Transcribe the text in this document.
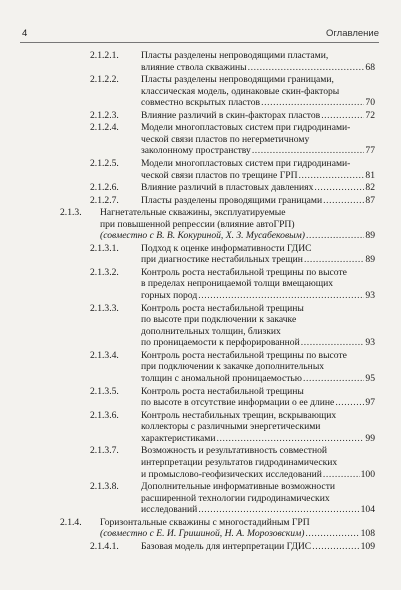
4	Оглавление
2.1.2.1. Пласты разделены непроводящими пластами,
влияние ствола скважины .....	68
2.1.2.2. Пласты разделены непроводящими границами,
классическая модель, одинаковые скин-факторы
совместно вскрытых пластов .....	70
2.1.2.3. Влияние различий в скин-факторах пластов .....	72
2.1.2.4. Модели многопластовых систем при гидродинами-
ческой связи пластов по негерметичному
заколонному пространству .....	77
2.1.2.5. Модели многопластовых систем при гидродинами-
ческой связи пластов по трещине ГРП .....	81
2.1.2.6. Влияние различий в пластовых давлениях .....	82
2.1.2.7. Пласты разделены проводящими границами .....	87
2.1.3. Нагнетательные скважины, эксплуатируемые
при повышенной репрессии (влияние автоГРП)
(совместно с В. В. Кокуриной, Х. З. Мусабековым) .....	89
2.1.3.1. Подход к оценке информативности ГДИС
при диагностике нестабильных трещин .....	89
2.1.3.2. Контроль роста нестабильной трещины по высоте
в пределах непроницаемой толщи вмещающих
горных пород .....	93
2.1.3.3. Контроль роста нестабильной трещины
по высоте при подключении к закачке
дополнительных толщин, близких
по проницаемости к перфорированной .....	93
2.1.3.4. Контроль роста нестабильной трещины по высоте
при подключении к закачке дополнительных
толщин с аномальной проницаемостью .....	95
2.1.3.5. Контроль роста нестабильной трещины
по высоте в отсутствие информации о ее длине .....	97
2.1.3.6. Контроль нестабильных трещин, вскрывающих
коллекторы с различными энергетическими
характеристиками .....	99
2.1.3.7. Возможность и результативность совместной
интерпретации результатов гидродинамических
и промыслово-геофизических исследований .....	100
2.1.3.8. Дополнительные информативные возможности
расширенной технологии гидродинамических
исследований .....	104
2.1.4. Горизонтальные скважины с многостадийным ГРП
(совместно с Е. И. Гришиной, Н. А. Морозовским) .....	108
2.1.4.1. Базовая модель для интерпретации ГДИС .....	109
